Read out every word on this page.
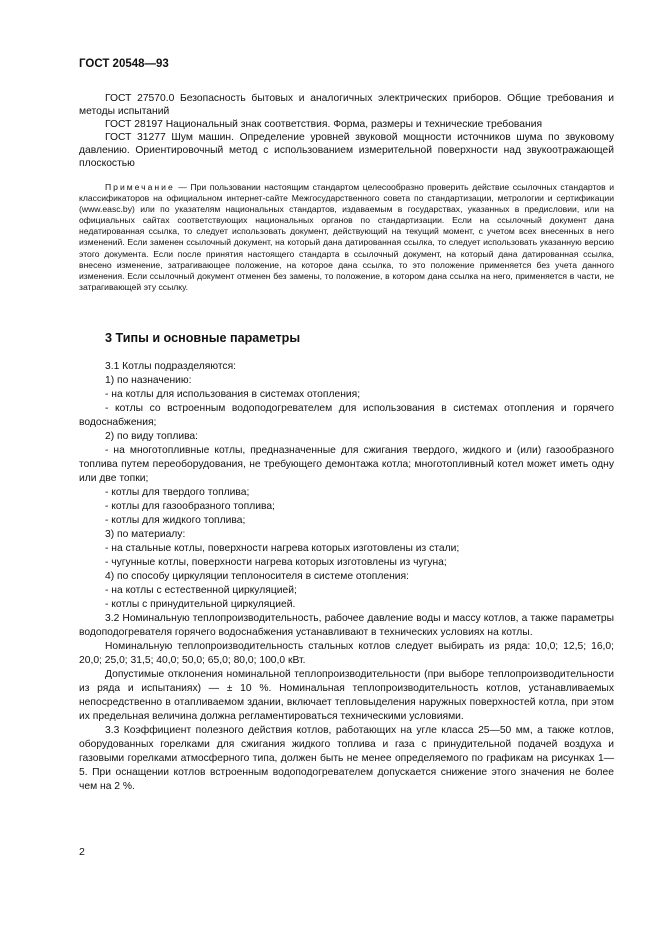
ГОСТ 20548—93

ГОСТ 27570.0 Безопасность бытовых и аналогичных электрических приборов. Общие требования и методы испытаний

ГОСТ 28197 Национальный знак соответствия. Форма, размеры и технические требования

ГОСТ 31277 Шум машин. Определение уровней звуковой мощности источников шума по звуковому давлению. Ориентировочный метод с использованием измерительной поверхности над звукоотражающей плоскостью

Примечание — При пользовании настоящим стандартом целесообразно проверить действие ссылочных стандартов и классификаторов на официальном интернет-сайте Межгосударственного совета по стандартизации, метрологии и сертификации (www.easc.by) или по указателям национальных стандартов, издаваемым в государствах, указанных в предисловии, или на официальных сайтах соответствующих национальных органов по стандартизации. Если на ссылочный документ дана недатированная ссылка, то следует использовать документ, действующий на текущий момент, с учетом всех внесенных в него изменений. Если заменен ссылочный документ, на который дана датированная ссылка, то следует использовать указанную версию этого документа. Если после принятия настоящего стандарта в ссылочный документ, на который дана датированная ссылка, внесено изменение, затрагивающее положение, на которое дана ссылка, то это положение применяется без учета данного изменения. Если ссылочный документ отменен без замены, то положение, в котором дана ссылка на него, применяется в части, не затрагивающей эту ссылку.

3 Типы и основные параметры

3.1 Котлы подразделяются:

1) по назначению:

- на котлы для использования в системах отопления;

- котлы со встроенным водоподогревателем для использования в системах отопления и горячего водоснабжения;

2) по виду топлива:

- на многотопливные котлы, предназначенные для сжигания твердого, жидкого и (или) газообразного топлива путем переоборудования, не требующего демонтажа котла; многотопливный котел может иметь одну или две топки;

- котлы для твердого топлива;

- котлы для газообразного топлива;

- котлы для жидкого топлива;

3) по материалу:

- на стальные котлы, поверхности нагрева которых изготовлены из стали;

- чугунные котлы, поверхности нагрева которых изготовлены из чугуна;

4) по способу циркуляции теплоносителя в системе отопления:

- на котлы с естественной циркуляцией;

- котлы с принудительной циркуляцией.

3.2 Номинальную теплопроизводительность, рабочее давление воды и массу котлов, а также параметры водоподогревателя горячего водоснабжения устанавливают в технических условиях на котлы.

Номинальную теплопроизводительность стальных котлов следует выбирать из ряда: 10,0; 12,5; 16,0; 20,0; 25,0; 31,5; 40,0; 50,0; 65,0; 80,0; 100,0 кВт.

Допустимые отклонения номинальной теплопроизводительности (при выборе теплопроизводительности из ряда и испытаниях) — ± 10 %. Номинальная теплопроизводительность котлов, устанавливаемых непосредственно в отапливаемом здании, включает тепловыделения наружных поверхностей котла, при этом их предельная величина должна регламентироваться техническими условиями.

3.3 Коэффициент полезного действия котлов, работающих на угле класса 25—50 мм, а также котлов, оборудованных горелками для сжигания жидкого топлива и газа с принудительной подачей воздуха и газовыми горелками атмосферного типа, должен быть не менее определяемого по графикам на рисунках 1—5. При оснащении котлов встроенным водоподогревателем допускается снижение этого значения не более чем на 2 %.

2
